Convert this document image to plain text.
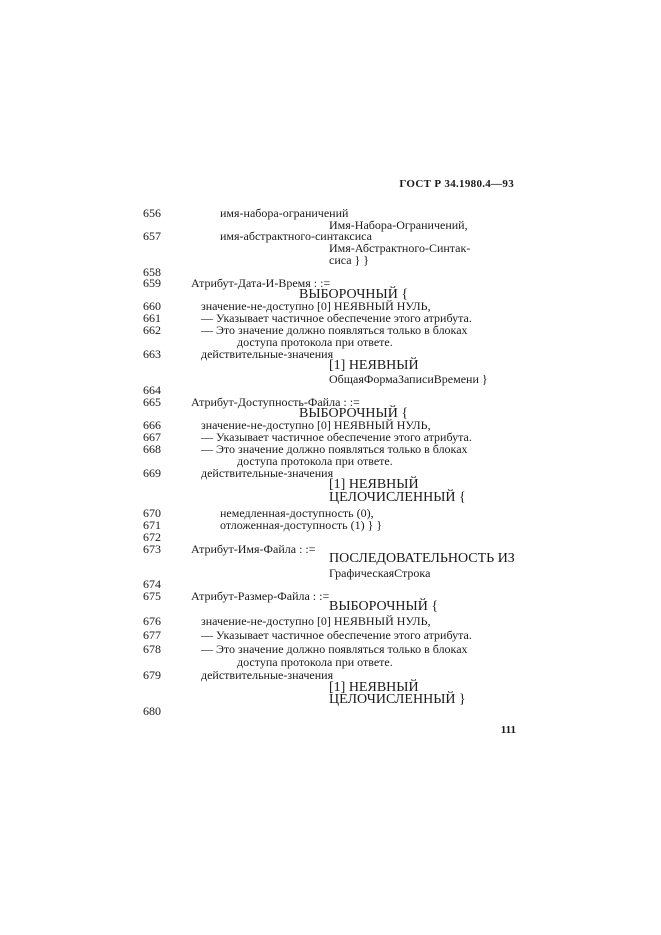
ГОСТ Р 34.1980.4—93
656	имя-набора-ограничений
Имя-Набора-Ограничений,
657	имя-абстрактного-синтаксиса
Имя-Абстрактного-Синтак-
сиса } }
658
659	Атрибут-Дата-И-Время : :=
ВЫБОРОЧНЫЙ {
660	значение-не-доступно [0] НЕЯВНЫЙ НУЛЬ,
661	— Указывает частичное обеспечение этого атрибута.
662	— Это значение должно появляться только в блоках
доступа протокола при ответе.
663	действительные-значения
[1] НЕЯВНЫЙ
ОбщаяФормаЗаписиВремени }
664
665	Атрибут-Доступность-Файла : :=
ВЫБОРОЧНЫЙ {
666	значение-не-доступно [0] НЕЯВНЫЙ НУЛЬ,
667	— Указывает частичное обеспечение этого атрибута.
668	— Это значение должно появляться только в блоках
доступа протокола при ответе.
669	действительные-значения
[1] НЕЯВНЫЙ
ЦЕЛОЧИСЛЕННЫЙ {
670	немедленная-доступность (0),
671	отложенная-доступность (1) } }
672
673	Атрибут-Имя-Файла : :=
ПОСЛЕДОВАТЕЛЬНОСТЬ ИЗ
ГрафическаяСтрока
674
675	Атрибут-Размер-Файла : :=
ВЫБОРОЧНЫЙ {
676	значение-не-доступно [0] НЕЯВНЫЙ НУЛЬ,
677	— Указывает частичное обеспечение этого атрибута.
678	— Это значение должно появляться только в блоках
доступа протокола при ответе.
679	действительные-значения
[1] НЕЯВНЫЙ
ЦЕЛОЧИСЛЕННЫЙ }
680
111
